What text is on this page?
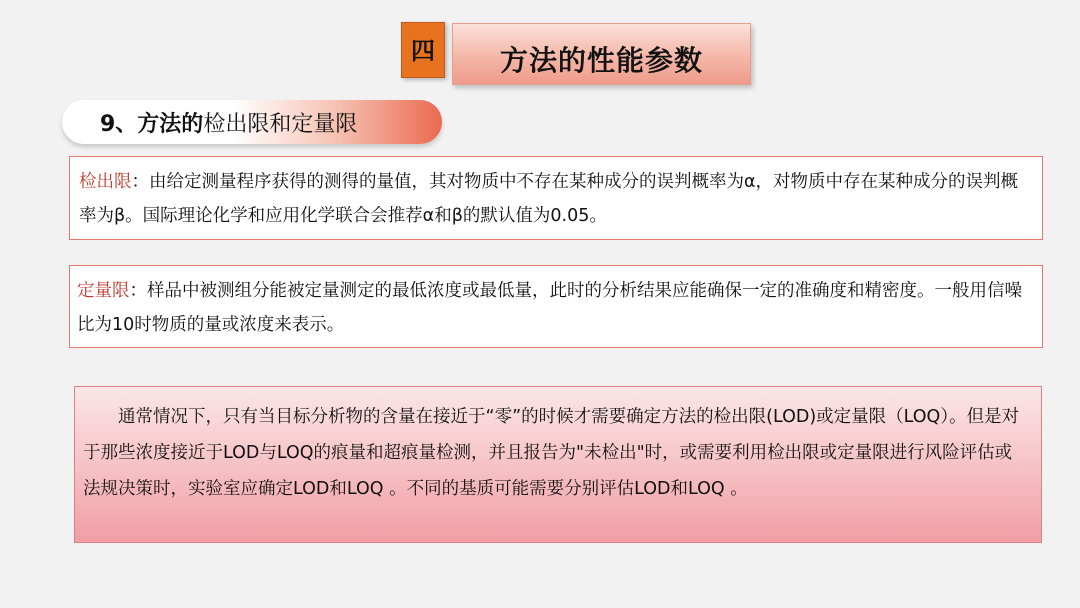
四 方法的性能参数
9、方法的 检出限和定量限
检出限：由给定测量程序获得的测得的量值，其对物质中不存在某种成分的误判概率为α，对物质中存在某种成分的误判概率为β。国际理论化学和应用化学联合会推荐α和β的默认值为0.05。
定量限：样品中被测组分能被定量测定的最低浓度或最低量，此时的分析结果应能确保一定的准确度和精密度。一般用信噪比为10时物质的量或浓度来表示。

通常情况下，只有当目标分析物的含量在接近于“零”的时候才需要确定方法的检出限(LOD)或定量限（LOQ）。但是对于那些浓度接近于LOD与LOQ的痕量和超痕量检测，并且报告为"未检出"时，或需要利用检出限或定量限进行风险评估或法规决策时，实验室应确定LOD和LOQ 。不同的基质可能需要分别评估LOD和LOQ 。
